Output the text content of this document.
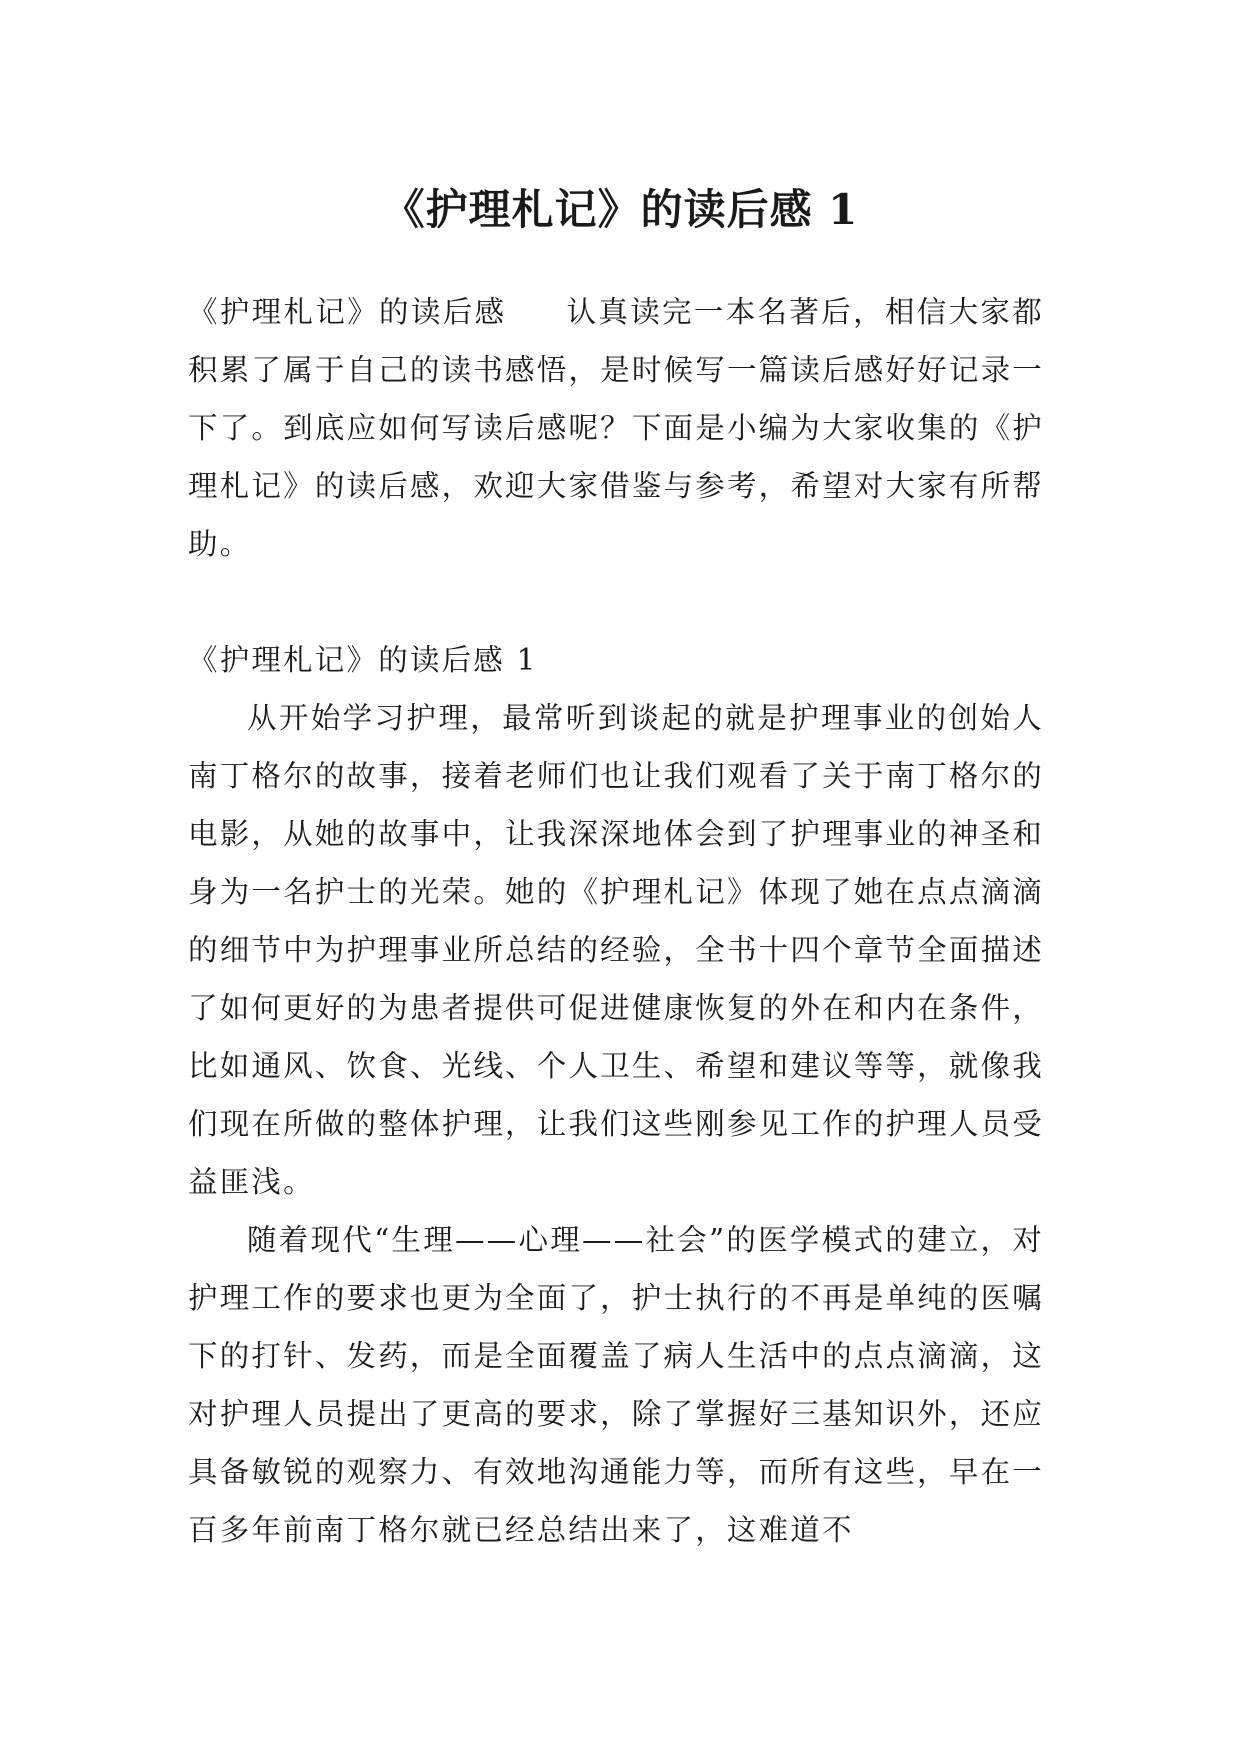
《护理札记》的读后感 1

《护理札记》的读后感 认真读完一本名著后，相信大家都积累了属于自己的读书感悟，是时候写一篇读后感好好记录一下了。到底应如何写读后感呢？下面是小编为大家收集的《护理札记》的读后感，欢迎大家借鉴与参考，希望对大家有所帮助。

《护理札记》的读后感 1

从开始学习护理，最常听到谈起的就是护理事业的创始人南丁格尔的故事，接着老师们也让我们观看了关于南丁格尔的电影，从她的故事中，让我深深地体会到了护理事业的神圣和身为一名护士的光荣。她的《护理札记》体现了她在点点滴滴的细节中为护理事业所总结的经验，全书十四个章节全面描述了如何更好的为患者提供可促进健康恢复的外在和内在条件，比如通风、饮食、光线、个人卫生、希望和建议等等，就像我们现在所做的整体护理，让我们这些刚参见工作的护理人员受益匪浅。

随着现代“生理——心理——社会”的医学模式的建立，对护理工作的要求也更为全面了，护士执行的不再是单纯的医嘱下的打针、发药，而是全面覆盖了病人生活中的点点滴滴，这对护理人员提出了更高的要求，除了掌握好三基知识外，还应具备敏锐的观察力、有效地沟通能力等，而所有这些，早在一百多年前南丁格尔就已经总结出来了，这难道不
